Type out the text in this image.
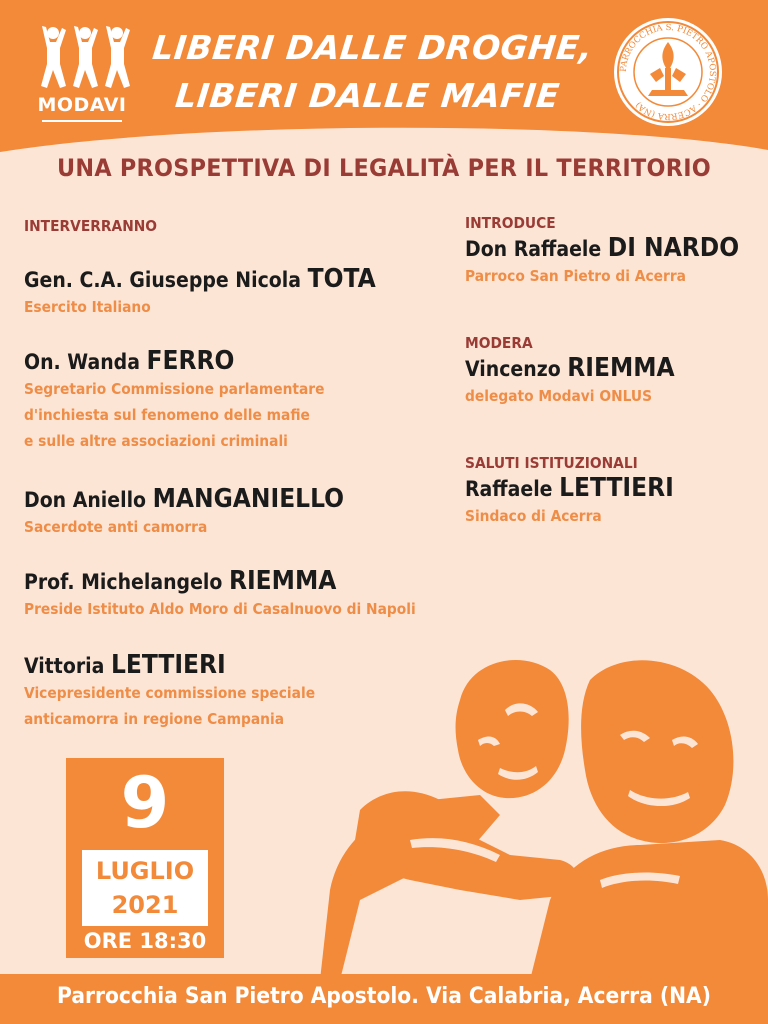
MODAVI
LIBERI DALLE DROGHE,
LIBERI DALLE MAFIE
PARROCCHIA S. PIETRO APOSTOLO · ACERRA (NA)
UNA PROSPETTIVA DI LEGALITÀ PER IL TERRITORIO
INTERVERRANNO
Gen. C.A. Giuseppe Nicola TOTA
Esercito Italiano
On. Wanda FERRO
Segretario Commissione parlamentare
d'inchiesta sul fenomeno delle mafie
e sulle altre associazioni criminali
Don Aniello MANGANIELLO
Sacerdote anti camorra
Prof. Michelangelo RIEMMA
Preside Istituto Aldo Moro di Casalnuovo di Napoli
Vittoria LETTIERI
Vicepresidente commissione speciale
anticamorra in regione Campania
INTRODUCE
Don Raffaele DI NARDO
Parroco San Pietro di Acerra
MODERA
Vincenzo RIEMMA
delegato Modavi ONLUS
SALUTI ISTITUZIONALI
Raffaele LETTIERI
Sindaco di Acerra
9
LUGLIO
2021
ORE 18:30
Parrocchia San Pietro Apostolo. Via Calabria, Acerra (NA)
